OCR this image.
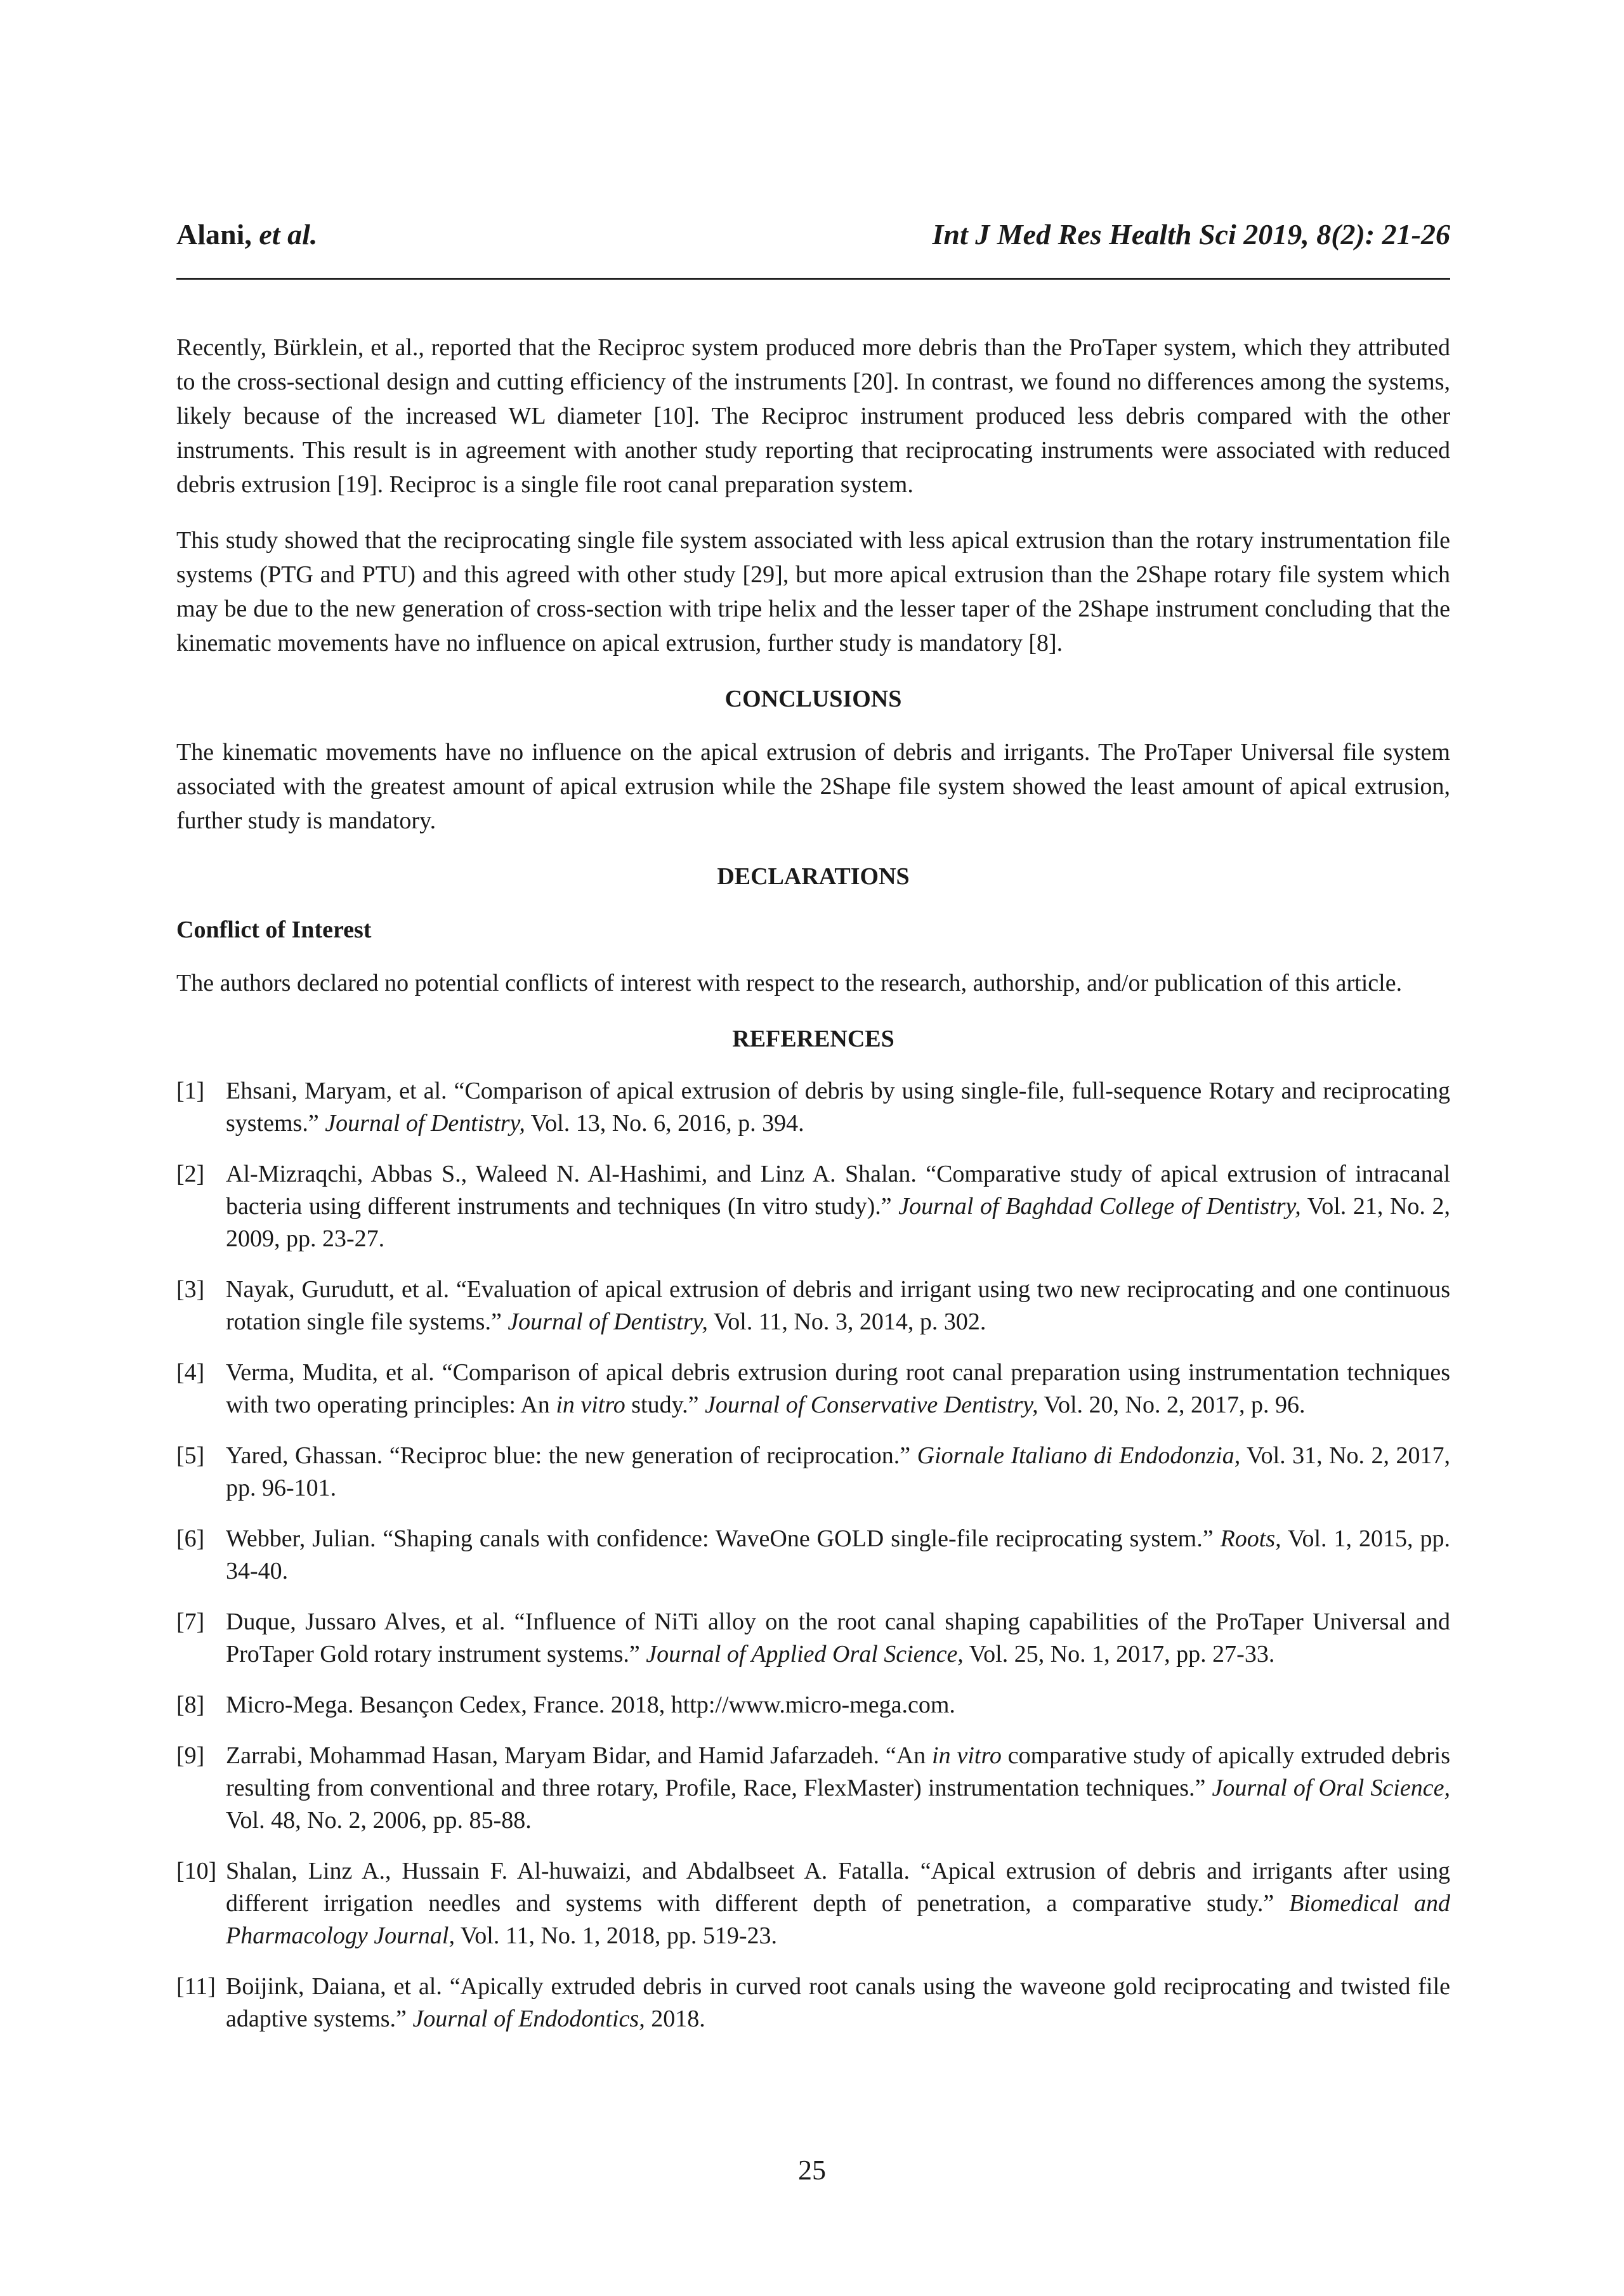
Alani, et al.	Int J Med Res Health Sci 2019, 8(2): 21-26

Recently, Bürklein, et al., reported that the Reciproc system produced more debris than the ProTaper system, which they attributed to the cross-sectional design and cutting efficiency of the instruments [20]. In contrast, we found no differences among the systems, likely because of the increased WL diameter [10]. The Reciproc instrument produced less debris compared with the other instruments. This result is in agreement with another study reporting that reciprocating instruments were associated with reduced debris extrusion [19]. Reciproc is a single file root canal preparation system.

This study showed that the reciprocating single file system associated with less apical extrusion than the rotary instrumentation file systems (PTG and PTU) and this agreed with other study [29], but more apical extrusion than the 2Shape rotary file system which may be due to the new generation of cross-section with tripe helix and the lesser taper of the 2Shape instrument concluding that the kinematic movements have no influence on apical extrusion, further study is mandatory [8].

CONCLUSIONS

The kinematic movements have no influence on the apical extrusion of debris and irrigants. The ProTaper Universal file system associated with the greatest amount of apical extrusion while the 2Shape file system showed the least amount of apical extrusion, further study is mandatory.

DECLARATIONS
Conflict of Interest

The authors declared no potential conflicts of interest with respect to the research, authorship, and/or publication of this article.

REFERENCES
[1] Ehsani, Maryam, et al. “Comparison of apical extrusion of debris by using single-file, full-sequence Rotary and reciprocating systems.” Journal of Dentistry, Vol. 13, No. 6, 2016, p. 394.
[2] Al-Mizraqchi, Abbas S., Waleed N. Al-Hashimi, and Linz A. Shalan. “Comparative study of apical extrusion of intracanal bacteria using different instruments and techniques (In vitro study).” Journal of Baghdad College of Dentistry, Vol. 21, No. 2, 2009, pp. 23-27.
[3] Nayak, Gurudutt, et al. “Evaluation of apical extrusion of debris and irrigant using two new reciprocating and one continuous rotation single file systems.” Journal of Dentistry, Vol. 11, No. 3, 2014, p. 302.
[4] Verma, Mudita, et al. “Comparison of apical debris extrusion during root canal preparation using instrumentation techniques with two operating principles: An in vitro study.” Journal of Conservative Dentistry, Vol. 20, No. 2, 2017, p. 96.
[5] Yared, Ghassan. “Reciproc blue: the new generation of reciprocation.” Giornale Italiano di Endodonzia, Vol. 31, No. 2, 2017, pp. 96-101.
[6] Webber, Julian. “Shaping canals with confidence: WaveOne GOLD single-file reciprocating system.” Roots, Vol. 1, 2015, pp. 34-40.
[7] Duque, Jussaro Alves, et al. “Influence of NiTi alloy on the root canal shaping capabilities of the ProTaper Universal and ProTaper Gold rotary instrument systems.” Journal of Applied Oral Science, Vol. 25, No. 1, 2017, pp. 27-33.
[8] Micro-Mega. Besançon Cedex, France. 2018, http://www.micro-mega.com.
[9] Zarrabi, Mohammad Hasan, Maryam Bidar, and Hamid Jafarzadeh. “An in vitro comparative study of apically extruded debris resulting from conventional and three rotary, Profile, Race, FlexMaster) instrumentation techniques.” Journal of Oral Science, Vol. 48, No. 2, 2006, pp. 85-88.
[10] Shalan, Linz A., Hussain F. Al-huwaizi, and Abdalbseet A. Fatalla. “Apical extrusion of debris and irrigants after using different irrigation needles and systems with different depth of penetration, a comparative study.” Biomedical and Pharmacology Journal, Vol. 11, No. 1, 2018, pp. 519-23.
[11] Boijink, Daiana, et al. “Apically extruded debris in curved root canals using the waveone gold reciprocating and twisted file adaptive systems.” Journal of Endodontics, 2018.
25
